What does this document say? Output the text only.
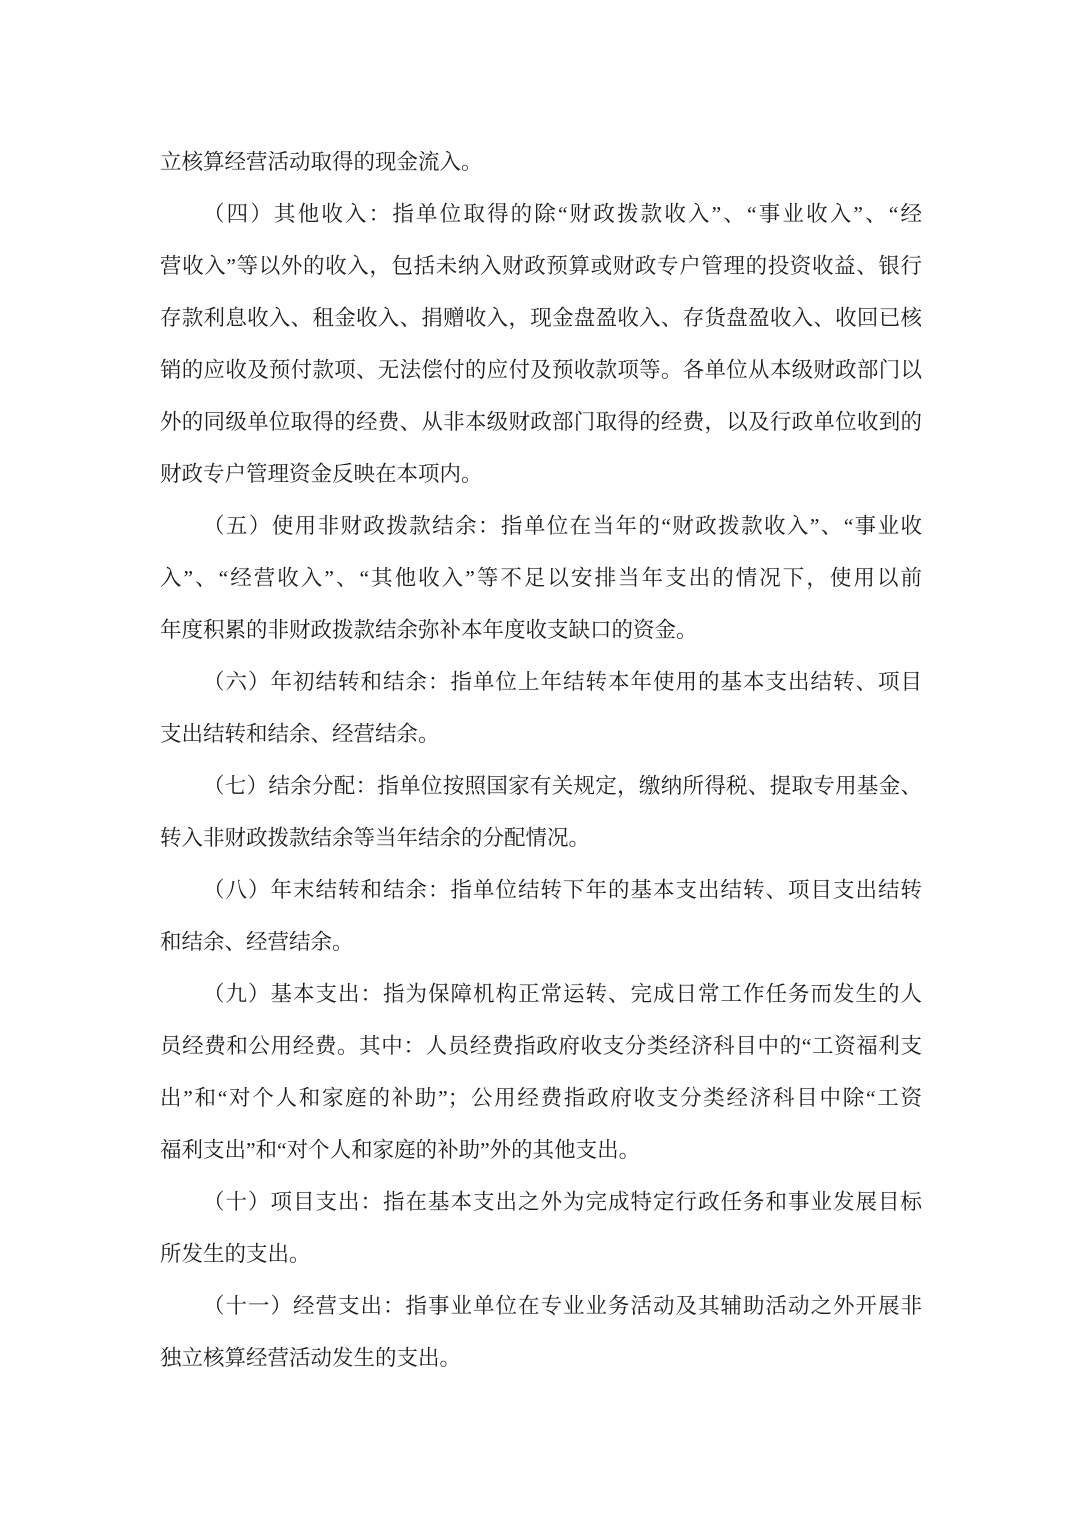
立核算经营活动取得的现金流入。
（四）其他收入：指单位取得的除“财政拨款收入”、“事业收入”、“经
营收入”等以外的收入，包括未纳入财政预算或财政专户管理的投资收益、银行
存款利息收入、租金收入、捐赠收入，现金盘盈收入、存货盘盈收入、收回已核
销的应收及预付款项、无法偿付的应付及预收款项等。各单位从本级财政部门以
外的同级单位取得的经费、从非本级财政部门取得的经费，以及行政单位收到的
财政专户管理资金反映在本项内。
（五）使用非财政拨款结余：指单位在当年的“财政拨款收入”、“事业收
入”、“经营收入”、“其他收入”等不足以安排当年支出的情况下，使用以前
年度积累的非财政拨款结余弥补本年度收支缺口的资金。
（六）年初结转和结余：指单位上年结转本年使用的基本支出结转、项目
支出结转和结余、经营结余。
（七）结余分配：指单位按照国家有关规定，缴纳所得税、提取专用基金、
转入非财政拨款结余等当年结余的分配情况。
（八）年末结转和结余：指单位结转下年的基本支出结转、项目支出结转
和结余、经营结余。
（九）基本支出：指为保障机构正常运转、完成日常工作任务而发生的人
员经费和公用经费。其中：人员经费指政府收支分类经济科目中的“工资福利支
出”和“对个人和家庭的补助”；公用经费指政府收支分类经济科目中除“工资
福利支出”和“对个人和家庭的补助”外的其他支出。
（十）项目支出：指在基本支出之外为完成特定行政任务和事业发展目标
所发生的支出。
（十一）经营支出：指事业单位在专业业务活动及其辅助活动之外开展非
独立核算经营活动发生的支出。
